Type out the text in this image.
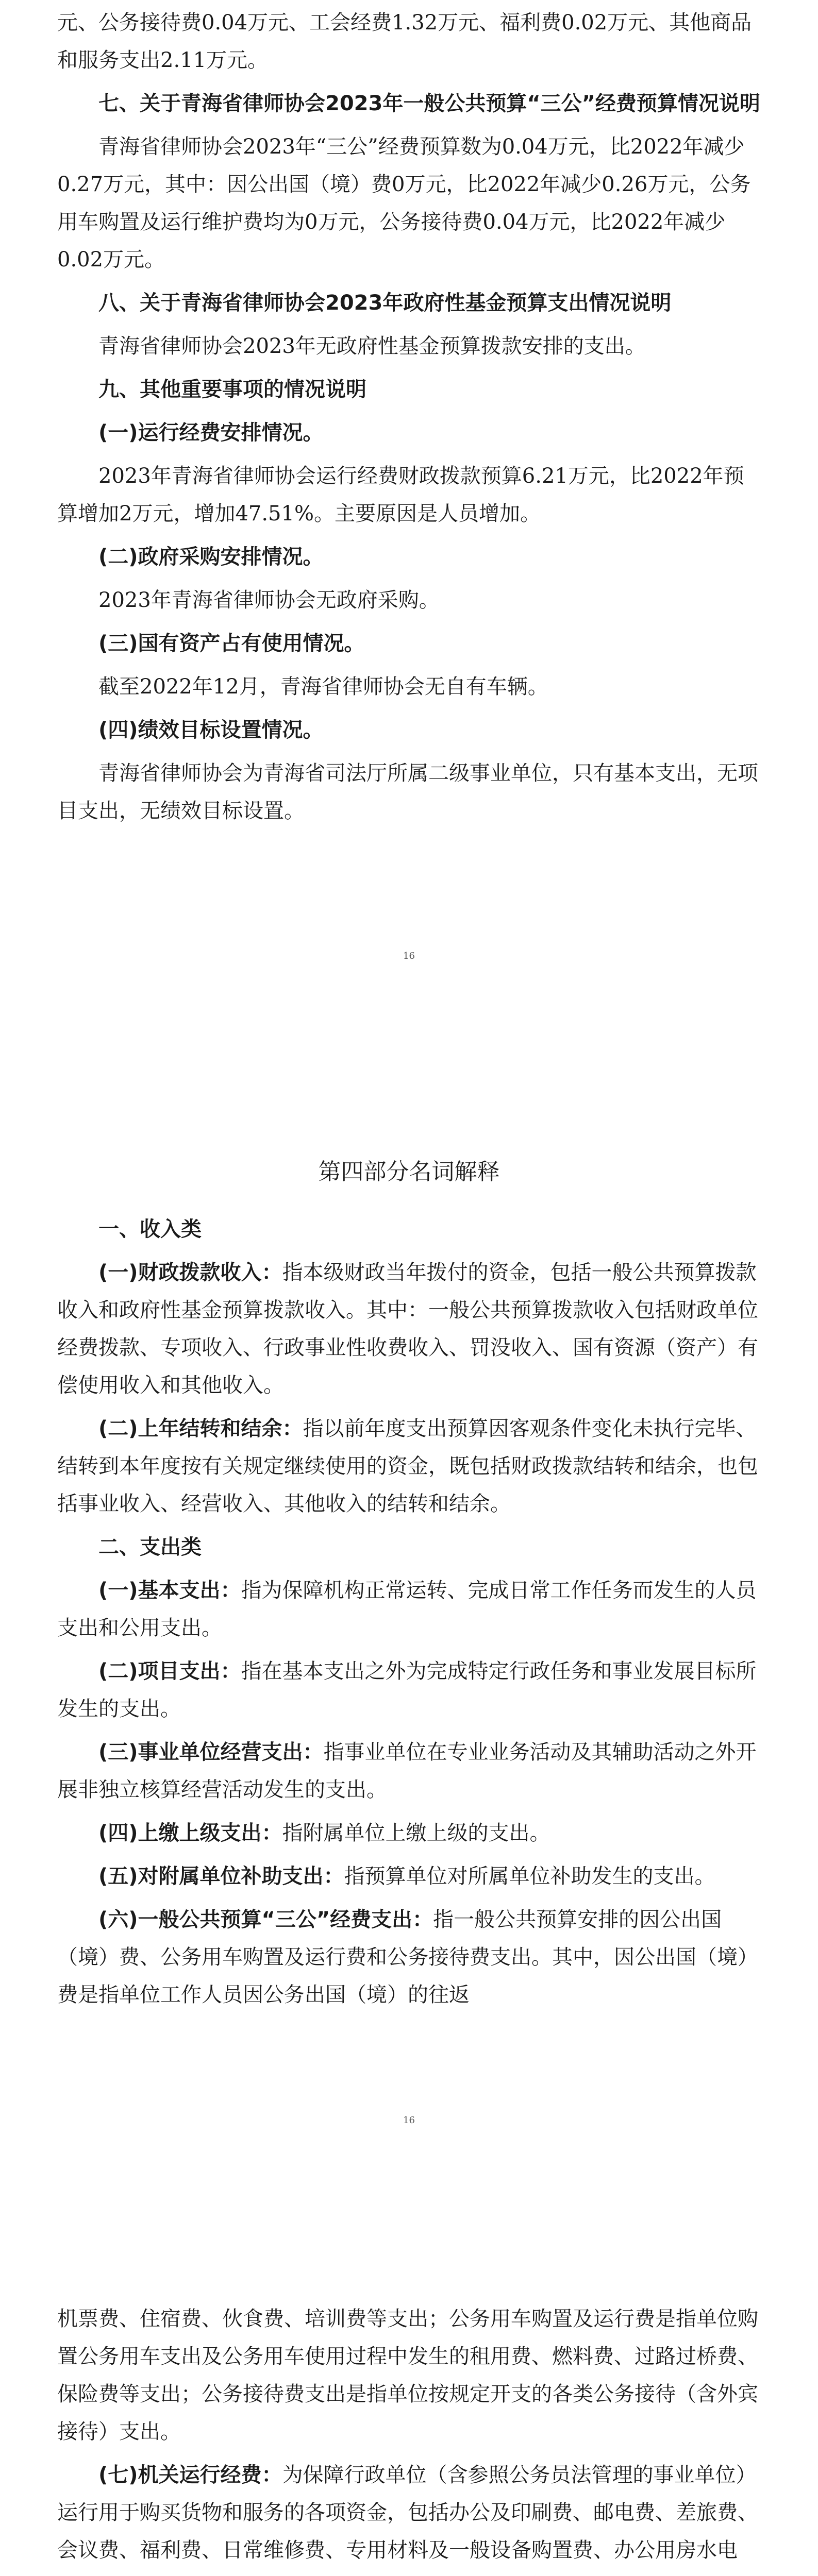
元、公务接待费0.04万元、工会经费1.32万元、福利费0.02万元、其他商品和服务支出2.11万元。
七、关于青海省律师协会2023年一般公共预算“三公”经费预算情况说明
青海省律师协会2023年“三公”经费预算数为0.04万元，比2022年减少0.27万元，其中：因公出国（境）费0万元，比2022年减少0.26万元，公务用车购置及运行维护费均为0万元，公务接待费0.04万元，比2022年减少0.02万元。
八、关于青海省律师协会2023年政府性基金预算支出情况说明
青海省律师协会2023年无政府性基金预算拨款安排的支出。
九、其他重要事项的情况说明
(一)运行经费安排情况。
2023年青海省律师协会运行经费财政拨款预算6.21万元，比2022年预算增加2万元，增加47.51%。主要原因是人员增加。
(二)政府采购安排情况。
2023年青海省律师协会无政府采购。
(三)国有资产占有使用情况。
截至2022年12月，青海省律师协会无自有车辆。
(四)绩效目标设置情况。
青海省律师协会为青海省司法厅所属二级事业单位，只有基本支出，无项目支出，无绩效目标设置。
16
第四部分名词解释
一、收入类
(一)财政拨款收入：指本级财政当年拨付的资金，包括一般公共预算拨款收入和政府性基金预算拨款收入。其中：一般公共预算拨款收入包括财政单位经费拨款、专项收入、行政事业性收费收入、罚没收入、国有资源（资产）有偿使用收入和其他收入。
(二)上年结转和结余：指以前年度支出预算因客观条件变化未执行完毕、结转到本年度按有关规定继续使用的资金，既包括财政拨款结转和结余，也包括事业收入、经营收入、其他收入的结转和结余。
二、支出类
(一)基本支出：指为保障机构正常运转、完成日常工作任务而发生的人员支出和公用支出。
(二)项目支出：指在基本支出之外为完成特定行政任务和事业发展目标所发生的支出。
(三)事业单位经营支出：指事业单位在专业业务活动及其辅助活动之外开展非独立核算经营活动发生的支出。
(四)上缴上级支出：指附属单位上缴上级的支出。
(五)对附属单位补助支出：指预算单位对所属单位补助发生的支出。
(六)一般公共预算“三公”经费支出：指一般公共预算安排的因公出国（境）费、公务用车购置及运行费和公务接待费支出。其中，因公出国（境）费是指单位工作人员因公务出国（境）的往返
16
机票费、住宿费、伙食费、培训费等支出；公务用车购置及运行费是指单位购置公务用车支出及公务用车使用过程中发生的租用费、燃料费、过路过桥费、保险费等支出；公务接待费支出是指单位按规定开支的各类公务接待（含外宾接待）支出。
(七)机关运行经费：为保障行政单位（含参照公务员法管理的事业单位）运行用于购买货物和服务的各项资金，包括办公及印刷费、邮电费、差旅费、会议费、福利费、日常维修费、专用材料及一般设备购置费、办公用房水电
